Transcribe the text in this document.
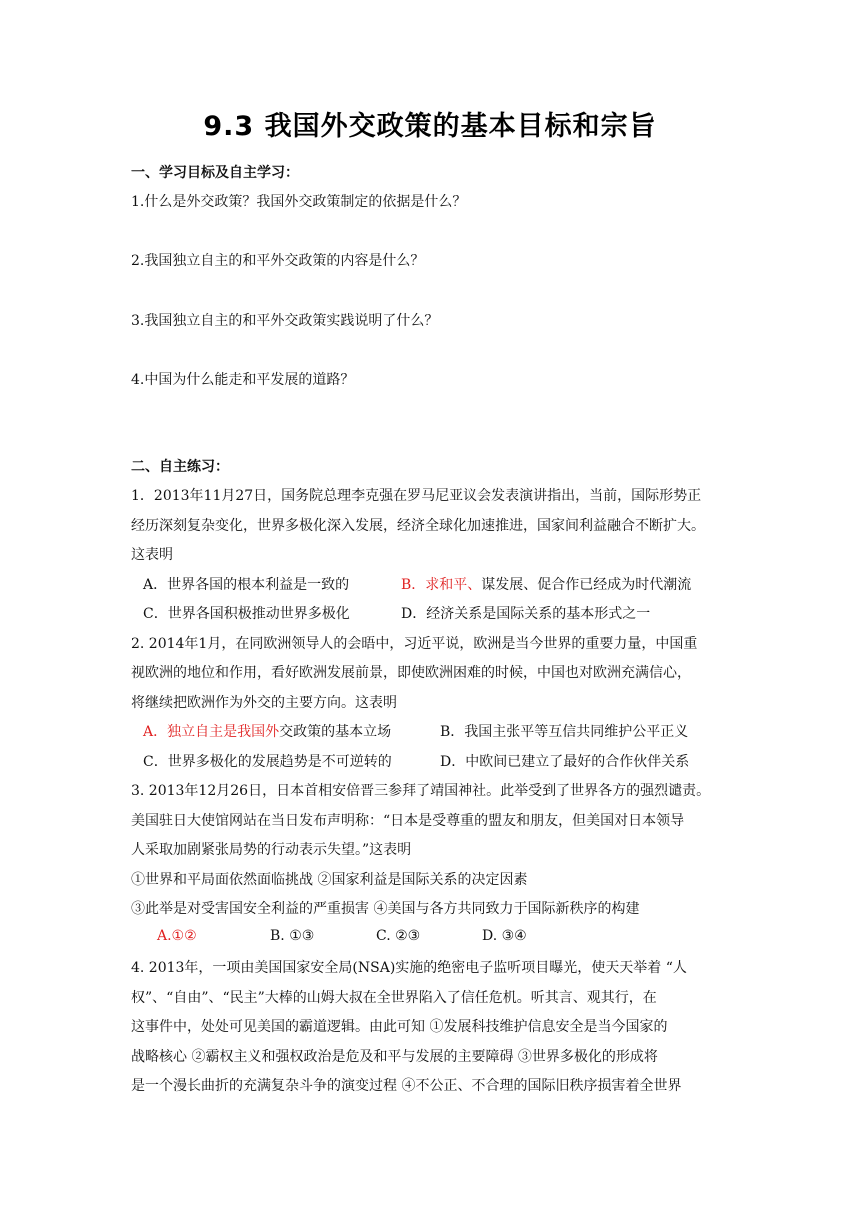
9.3 我国外交政策的基本目标和宗旨
一、学习目标及自主学习：
1.什么是外交政策？我国外交政策制定的依据是什么？
2.我国独立自主的和平外交政策的内容是什么？
3.我国独立自主的和平外交政策实践说明了什么？
4.中国为什么能走和平发展的道路？
二、自主练习：
1．2013年11月27日，国务院总理李克强在罗马尼亚议会发表演讲指出，当前，国际形势正
经历深刻复杂变化，世界多极化深入发展，经济全球化加速推进，国家间利益融合不断扩大。
这表明
A．世界各国的根本利益是一致的	B．求和平、谋发展、促合作已经成为时代潮流
C．世界各国积极推动世界多极化	D．经济关系是国际关系的基本形式之一
2. 2014年1月，在同欧洲领导人的会晤中，习近平说，欧洲是当今世界的重要力量，中国重
视欧洲的地位和作用，看好欧洲发展前景，即使欧洲困难的时候，中国也对欧洲充满信心，
将继续把欧洲作为外交的主要方向。这表明
A．独立自主是我国外交政策的基本立场	B．我国主张平等互信共同维护公平正义
C．世界多极化的发展趋势是不可逆转的	D．中欧间已建立了最好的合作伙伴关系
3. 2013年12月26日，日本首相安倍晋三参拜了靖国神社。此举受到了世界各方的强烈谴责。
美国驻日大使馆网站在当日发布声明称：“日本是受尊重的盟友和朋友，但美国对日本领导
人采取加剧紧张局势的行动表示失望。”这表明
①世界和平局面依然面临挑战 ②国家利益是国际关系的决定因素
③此举是对受害国安全利益的严重损害 ④美国与各方共同致力于国际新秩序的构建
A.①②	B. ①③	C. ②③	D. ③④
4. 2013年，一项由美国国家安全局(NSA)实施的绝密电子监听项目曝光，使天天举着 “人
权”、“自由”、“民主”大棒的山姆大叔在全世界陷入了信任危机。听其言、观其行，在
这事件中，处处可见美国的霸道逻辑。由此可知 ①发展科技维护信息安全是当今国家的
战略核心 ②霸权主义和强权政治是危及和平与发展的主要障碍 ③世界多极化的形成将
是一个漫长曲折的充满复杂斗争的演变过程 ④不公正、不合理的国际旧秩序损害着全世界
